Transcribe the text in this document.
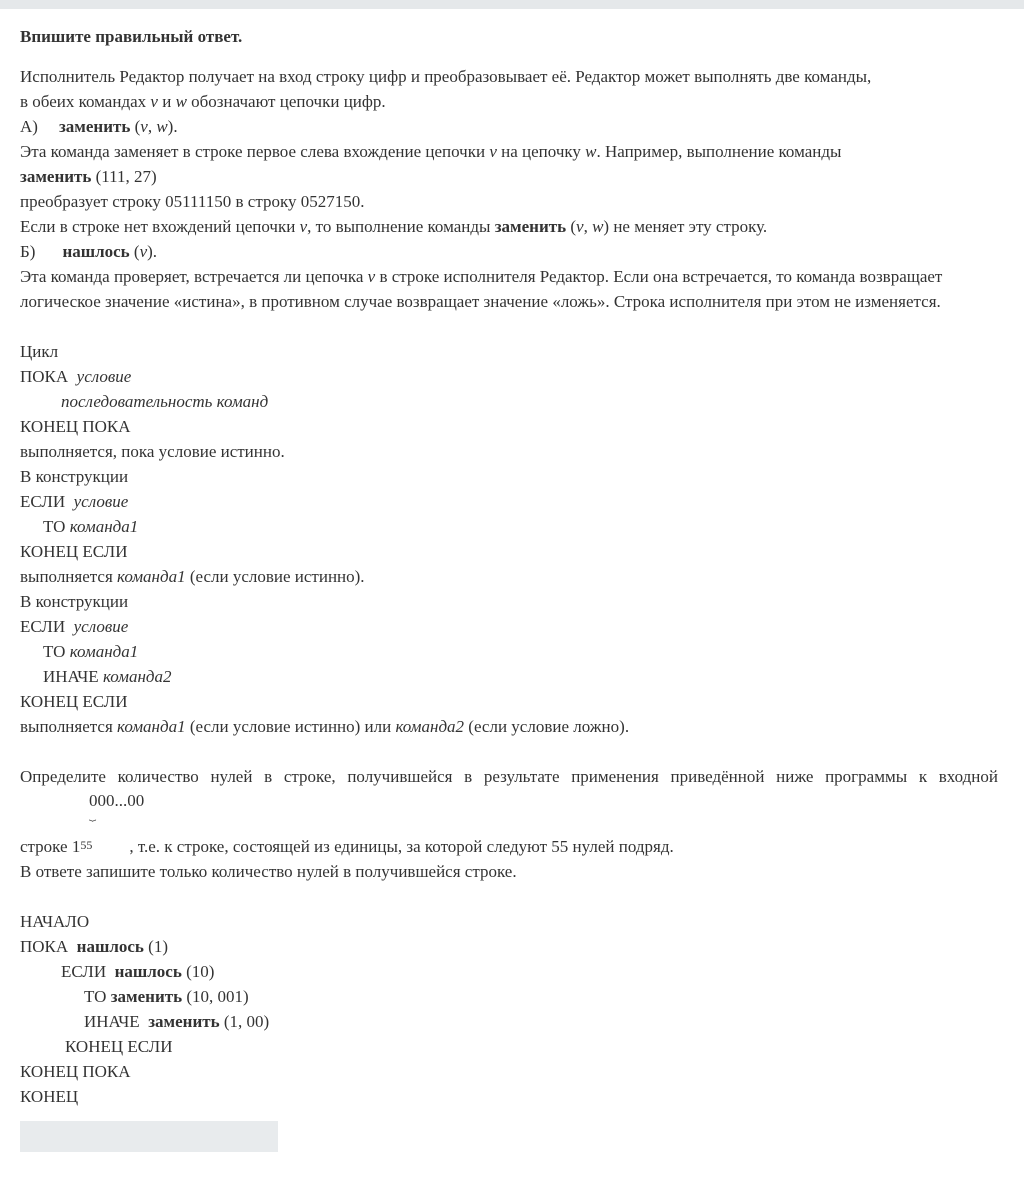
Впишите правильный ответ.
Исполнитель Редактор получает на вход строку цифр и преобразовывает её. Редактор может выполнять две команды,
в обеих командах v и w обозначают цепочки цифр.
А) заменить (v, w).
Эта команда заменяет в строке первое слева вхождение цепочки v на цепочку w. Например, выполнение команды
заменить (111, 27)
преобразует строку 05111150 в строку 0527150.
Если в строке нет вхождений цепочки v, то выполнение команды заменить (v, w) не меняет эту строку.
Б) нашлось (v).
Эта команда проверяет, встречается ли цепочка v в строке исполнителя Редактор. Если она встречается, то команда возвращает
логическое значение «истина», в противном случае возвращает значение «ложь». Строка исполнителя при этом не изменяется.
Цикл
ПОКА условие
последовательность команд
КОНЕЦ ПОКА
выполняется, пока условие истинно.
В конструкции
ЕСЛИ условие
ТО команда1
КОНЕЦ ЕСЛИ
выполняется команда1 (если условие истинно).
В конструкции
ЕСЛИ условие
ТО команда1
ИНАЧЕ команда2
КОНЕЦ ЕСЛИ
выполняется команда1 (если условие истинно) или команда2 (если условие ложно).
Определите количество нулей в строке, получившейся в результате применения приведённой ниже программы к входной
000...00
⏟
строке $1^{55}$ , т.е. к строке, состоящей из единицы, за которой следуют 55 нулей подряд.
В ответе запишите только количество нулей в получившейся строке.
НАЧАЛО
ПОКА нашлось (1)
ЕСЛИ нашлось (10)
ТО заменить (10, 001)
ИНАЧЕ заменить (1, 00)
КОНЕЦ ЕСЛИ
КОНЕЦ ПОКА
КОНЕЦ
